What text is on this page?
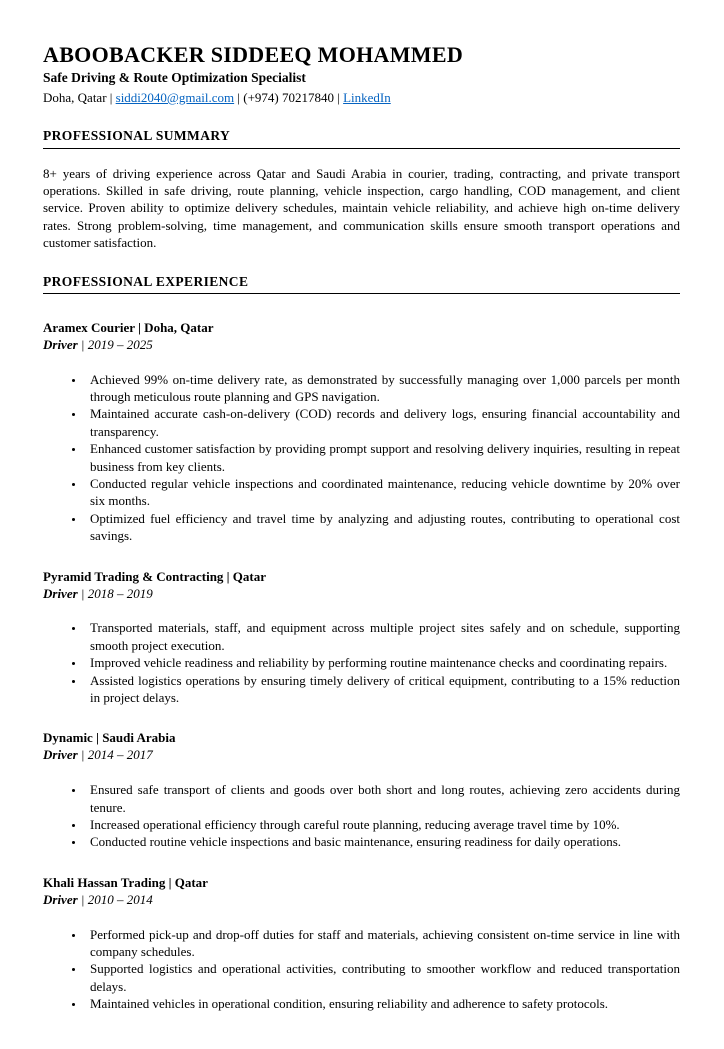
ABOOBACKER SIDDEEQ MOHAMMED
Safe Driving & Route Optimization Specialist
Doha, Qatar | siddi2040@gmail.com | (+974) 70217840 | LinkedIn
PROFESSIONAL SUMMARY

8+ years of driving experience across Qatar and Saudi Arabia in courier, trading, contracting, and private transport operations. Skilled in safe driving, route planning, vehicle inspection, cargo handling, COD management, and client service. Proven ability to optimize delivery schedules, maintain vehicle reliability, and achieve high on-time delivery rates. Strong problem-solving, time management, and communication skills ensure smooth transport operations and customer satisfaction.

PROFESSIONAL EXPERIENCE
Aramex Courier | Doha, Qatar
Driver | 2019 – 2025
• Achieved 99% on-time delivery rate, as demonstrated by successfully managing over 1,000 parcels per month through meticulous route planning and GPS navigation.
• Maintained accurate cash-on-delivery (COD) records and delivery logs, ensuring financial accountability and transparency.
• Enhanced customer satisfaction by providing prompt support and resolving delivery inquiries, resulting in repeat business from key clients.
• Conducted regular vehicle inspections and coordinated maintenance, reducing vehicle downtime by 20% over six months.
• Optimized fuel efficiency and travel time by analyzing and adjusting routes, contributing to operational cost savings.
Pyramid Trading & Contracting | Qatar
Driver | 2018 – 2019
• Transported materials, staff, and equipment across multiple project sites safely and on schedule, supporting smooth project execution.
• Improved vehicle readiness and reliability by performing routine maintenance checks and coordinating repairs.
• Assisted logistics operations by ensuring timely delivery of critical equipment, contributing to a 15% reduction in project delays.
Dynamic | Saudi Arabia
Driver | 2014 – 2017
• Ensured safe transport of clients and goods over both short and long routes, achieving zero accidents during tenure.
• Increased operational efficiency through careful route planning, reducing average travel time by 10%.
• Conducted routine vehicle inspections and basic maintenance, ensuring readiness for daily operations.
Khali Hassan Trading | Qatar
Driver | 2010 – 2014
• Performed pick-up and drop-off duties for staff and materials, achieving consistent on-time service in line with company schedules.
• Supported logistics and operational activities, contributing to smoother workflow and reduced transportation delays.
• Maintained vehicles in operational condition, ensuring reliability and adherence to safety protocols.
